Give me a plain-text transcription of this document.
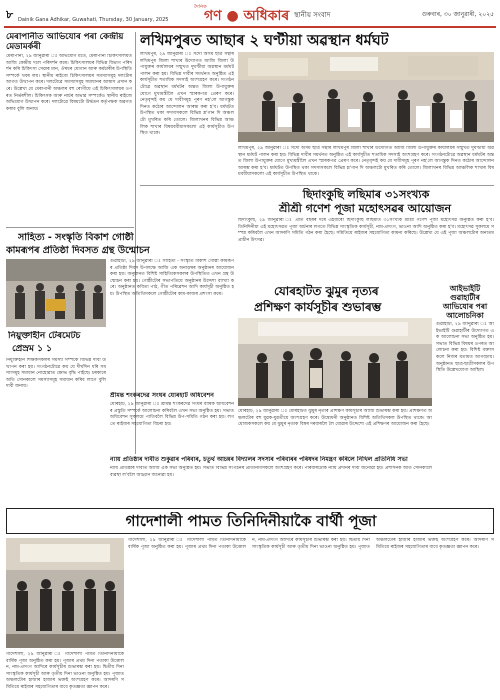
৮ Dainik Gana Adhikar, Guwahati, Thursday, 30 January, 2025
দৈনিক
গণ ● অধিকাৰ স্থানীয় সংবাদ	গুৰুবাৰ, ৩০ জানুৱাৰী, ২০২৫
মেৰাপানীত আভিযোৰ পৰা কেন্দ্ৰীয় মেডামৰ্কৰী
মেৰাপানী, ২৯ জানুৱাৰী ঃ অভিযোগ মতে, মেৰাপানী চিকিৎসালয়ত আজি কেন্দ্ৰীয় দলে পৰিদৰ্শন কৰে। চিকিৎসালয়ৰ বিভিন্ন বিভাগ পৰিদৰ্শন কৰি চিকিৎসা সেৱাৰ মান, ঔষধৰ যোগান আৰু কৰ্মচাৰীৰ উপস্থিতি সম্পৰ্কে খবৰ লয়। স্থানীয় ৰাইজে চিকিৎসালয়ৰ সমস্যাসমূহ দলটোৰ আগত উত্থাপন কৰে। দলটোৱে সমস্যাসমূহ সমাধানৰ আশ্বাস প্ৰদান কৰে। উল্লেখ্য যে মেৰাপানী অঞ্চলৰ বহু ৰোগীয়ে এই চিকিৎসালয়ৰ ওপৰত নিৰ্ভৰশীল। চিকিৎসক আৰু নাৰ্চৰ অভাৱ সম্পৰ্কেও স্থানীয় ৰাইজে অভিযোগ উত্থাপন কৰে। দলটোৱে বিষয়টো উৰ্দ্ধতন কৰ্তৃপক্ষক অৱগত কৰাব বুলি জনায়।
লখিমপুৰত আছাৰ ২ ঘণ্টীয়া অৱস্থান ধৰ্মঘট
লখিমপুৰ, ২৯ জানুৱাৰী ঃ সদৌ অসম ছাত্ৰ সন্থাৰ লখিমপুৰ জিলা শাখাৰ উদ্যোগত আজি জিলা উপায়ুক্তৰ কাৰ্যালয়ৰ সন্মুখত দুঘণ্টীয়া অৱস্থান ধৰ্মঘট পালন কৰা হয়। বিভিন্ন দাবীৰ সমৰ্থনত অনুষ্ঠিত এই কাৰ্যসূচীত শতাধিক সদস্যই অংশগ্ৰহণ কৰে। সংগঠনটোৱে অৱস্থান ধৰ্মঘটৰ অন্তত জিলা উপায়ুক্তৰ যোগে মুখ্যমন্ত্ৰীলৈ এখন স্মাৰকপত্ৰ প্ৰেৰণ কৰে। নেতৃবৃন্দই কয় যে দাবীসমূহ পূৰণ নহ'লে আগন্তুক দিনত কঠোৰ আন্দোলন আৰম্ভ কৰা হ'ব। ধৰ্মঘটত উপস্থিত থকা সদস্যসকলে বিভিন্ন শ্ল'গান দি অঞ্চলটো মুখৰিত কৰি তোলে। জিলাখনৰ বিভিন্ন আঞ্চলিক শাখাৰ বিষয়ববীয়াসকলো এই কাৰ্যসূচীত উপস্থিত থাকে।
লখিমপুৰ, ২৯ জানুৱাৰী ঃ সদৌ অসম ছাত্ৰ সন্থাৰ লখিমপুৰ জিলা শাখাৰ উদ্যোগত আজি জিলা উপায়ুক্তৰ কাৰ্যালয়ৰ সন্মুখত দুঘণ্টীয়া অৱস্থান ধৰ্মঘট পালন কৰা হয়। বিভিন্ন দাবীৰ সমৰ্থনত অনুষ্ঠিত এই কাৰ্যসূচীত শতাধিক সদস্যই অংশগ্ৰহণ কৰে। সংগঠনটোৱে অৱস্থান ধৰ্মঘটৰ অন্তত জিলা উপায়ুক্তৰ যোগে মুখ্যমন্ত্ৰীলৈ এখন স্মাৰকপত্ৰ প্ৰেৰণ কৰে। নেতৃবৃন্দই কয় যে দাবীসমূহ পূৰণ নহ'লে আগন্তুক দিনত কঠোৰ আন্দোলন আৰম্ভ কৰা হ'ব। ধৰ্মঘটত উপস্থিত থকা সদস্যসকলে বিভিন্ন শ্ল'গান দি অঞ্চলটো মুখৰিত কৰি তোলে। জিলাখনৰ বিভিন্ন আঞ্চলিক শাখাৰ বিষয়ববীয়াসকলো এই কাৰ্যসূচীত উপস্থিত থাকে।
ছিদাংকুছি লছিমাৰ ৩১সংখ্যক
শ্ৰীশ্ৰী গণেশ পূজা মহোৎসৱৰ আয়োজন
ছিদাংকুছি, ২৯ জানুৱাৰী ঃ প্ৰতি বছৰৰ দৰে এইবাৰো ছিদাংকুছি লছিমাত ৩১সংখ্যক শ্ৰীশ্ৰী গণেশ পূজা মহোৎসৱ অনুষ্ঠিত কৰা হ'ব। তিনিদিনীয়া এই মহোৎসৱত পূজা অৰ্চনাৰ লগতে বিভিন্ন সাংস্কৃতিক কাৰ্যসূচী, নাম-প্ৰসংগ, ভাওনা আদি অনুষ্ঠিত কৰা হ'ব। মহোৎসৱ সুকলমে সম্পন্ন কৰিবলৈ এখন আদৰণি সমিতি গঠন কৰা হৈছে। সমিতিয়ে ৰাইজৰ সহযোগিতা কামনা কৰিছে। উল্লেখ্য যে এই পূজা অঞ্চলটোৰ অন্যতম প্ৰাচীন উৎসৱ।
সাহিত্য - সংস্কৃতি বিকাশ গোষ্ঠী
কামৰূপৰ প্ৰতিষ্ঠা দিবসত গ্ৰন্থ উন্মোচন
গুৱাহাটী, ২৯ জানুৱাৰী ঃ সাহিত্য - সংস্কৃতি বিকাশ গোষ্ঠী কামৰূপৰ প্ৰতিষ্ঠা দিবস উপলক্ষে আজি এক অনাড়ম্বৰ অনুষ্ঠানৰ আয়োজন কৰা হয়। অনুষ্ঠানত বিশিষ্ট সাহিত্যিকসকলৰ উপস্থিতিত এখন গ্ৰন্থ উন্মোচন কৰা হয়। গোষ্ঠীটোৰ সভাপতিয়ে অনুষ্ঠানৰ উদ্দেশ্য ব্যাখ্যা কৰে। অনুষ্ঠানত কবিতা পাঠ, গীত পৰিৱেশন আদি কাৰ্যসূচী অনুষ্ঠিত হয়। উপস্থিত অতিথিসকলে গোষ্ঠীটোৰ কাম-কাজৰ প্ৰশংসা কৰে।
নিয়ুক্তাহীন টেৰমেটচ
প্ৰেস্ৰম ১ ১
নিযুক্তিহীন শিক্ষকসকলৰ সমস্যা সম্পৰ্কে বিভিন্ন দাবী উত্থাপন কৰা হয়। সংগঠনটোৱে কয় যে দীৰ্ঘদিন ধৰি সমস্যাসমূহ সমাধান নোহোৱাত ক্ষোভ বৃদ্ধি পাইছে। চৰকাৰে অতি সোনকালে সমস্যাসমূহ সমাধান কৰিব লাগে বুলি দাবী জনায়।
শ্ৰীমন্ত শংকৰদেৱ সংঘৰ যোৰহাট অধিবেশন
যোৰহাট, ২৯ জানুৱাৰী ঃ শ্ৰীমন্ত শংকৰদেৱ সংঘৰ বাৰ্ষিক অধিবেশনৰ প্ৰস্তুতি সম্পৰ্কে আলোচনা কৰিবলৈ এখন সভা অনুষ্ঠিত হয়। সভাত অধিবেশন সুকলমে পাতিবলৈ বিভিন্ন উপ-সমিতি গঠন কৰা হয়। লগতে ৰাইজৰ সহযোগিতা বিচৰা হয়।
যোৰহাটত ঝুমুৰ নৃত্যৰ
প্ৰশিক্ষণ কাৰ্যসূচীৰ শুভাৰম্ভ
আইভাইটি গুৱাহাটীৰ আভিযোৰ পৰা আলোচনিকা
গুৱাহাটী, ২৯ জানুৱাৰী ঃ আইভাইটি গুৱাহাটীৰ উদ্যোগত এক আলোচনা সভা অনুষ্ঠিত হয়। সভাত বিভিন্ন বিষয়ৰ ওপৰত আলোচনা কৰা হয়। বিশিষ্ট বক্তাসকলে নিজৰ মতামত আগবঢ়ায়। অনুষ্ঠানত ছাত্ৰ-ছাত্ৰীসকলৰ উপস্থিতি উল্লেখযোগ্য আছিল।
যোৰহাট, ২৯ জানুৱাৰী ঃ যোৰহাটত ঝুমুৰ নৃত্যৰ প্ৰশিক্ষণ কাৰ্যসূচীৰ আজি শুভাৰম্ভ কৰা হয়। প্ৰশিক্ষণত অঞ্চলটোৰ বহু যুৱক-যুৱতীয়ে অংশগ্ৰহণ কৰে। উদ্বোধনী অনুষ্ঠানত বিশিষ্ট অতিথিসকল উপস্থিত থাকে। আয়োজকসকলে কয় যে ঝুমুৰ নৃত্যক বিশ্বৰ দৰবাৰলৈ লৈ যোৱাৰ উদ্দেশ্যে এই প্ৰশিক্ষণৰ আয়োজন কৰা হৈছে।
ন্যায় প্ৰতিষ্ঠাৰ দাবীত শুকুৱাৰ পৰিবাৰ, চতুৰ্থ আচন্নৰ বিদ্যালৰ সদস্যৰ পৰিবাৰৰ পৰিষদৰ নিমন্ত্ৰণ কৰিলে নিখিল প্ৰতিনিধি সভা
ন্যায় প্ৰতিষ্ঠাৰ দাবীত আজি এক সভা অনুষ্ঠিত হয়। সভাত বিভিন্ন সংগঠনৰ প্ৰতিনিধিসকলে অংশগ্ৰহণ কৰে। পৰিবাৰটোক ন্যায় প্ৰদানৰ দাবী জনোৱা হয়। প্ৰশাসনক অতি সোনকালে ব্যৱস্থা ল'বলৈ আহ্বান জনোৱা হয়।
গাদেশালী পামত তিনিদিনীয়াকৈ বাৰ্থী পূজা
গাদেশালী, ২৯ জানুৱাৰী ঃ গাদেশালী পামত তিনিদিনীয়াকৈ বাৰ্ষিক পূজা অনুষ্ঠিত কৰা হয়। পূজাৰ প্ৰথম দিনা পতাকা উত্তোলন, নাম-প্ৰসংগ আদিৰে কাৰ্যসূচীৰ শুভাৰম্ভ কৰা হয়। দ্বিতীয় দিনা সাংস্কৃতিক কাৰ্যসূচী আৰু তৃতীয় দিনা ভাওনা অনুষ্ঠিত হয়। পূজাত অঞ্চলটোৰ হাজাৰ হাজাৰ ভক্তই অংশগ্ৰহণ কৰে। আদৰণি সমিতিয়ে ৰাইজৰ সহযোগিতাৰ বাবে কৃতজ্ঞতা জ্ঞাপন কৰে।
গাদেশালী, ২৯ জানুৱাৰী ঃ গাদেশালী পামত তিনিদিনীয়াকৈ বাৰ্ষিক পূজা অনুষ্ঠিত কৰা হয়। পূজাৰ প্ৰথম দিনা পতাকা উত্তোলন, নাম-প্ৰসংগ আদিৰে কাৰ্যসূচীৰ শুভাৰম্ভ কৰা হয়। দ্বিতীয় দিনা সাংস্কৃতিক কাৰ্যসূচী আৰু তৃতীয় দিনা ভাওনা অনুষ্ঠিত হয়। পূজাত অঞ্চলটোৰ হাজাৰ হাজাৰ ভক্তই অংশগ্ৰহণ কৰে। আদৰণি সমিতিয়ে ৰাইজৰ সহযোগিতাৰ বাবে কৃতজ্ঞতা জ্ঞাপন কৰে।
